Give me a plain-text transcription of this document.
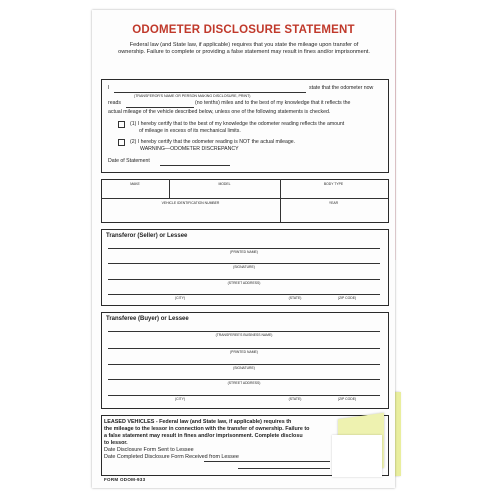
ODOMETER DISCLOSURE STATEMENT
Federal law (and State law, if applicable) requires that you state the mileage upon transfer of
ownership. Failure to complete or providing a false statement may result in fines and/or imprisonment.
I	state that the odometer now
(TRANSFEROR'S NAME OR PERSON MAKING DISCLOSURE, PRINT)
reads	(no tenths) miles and to the best of my knowledge that it reflects the
actual mileage of the vehicle described below, unless one of the following statements is checked.
(1) I hereby certify that to the best of my knowledge the odometer reading reflects the amount
of mileage in excess of its mechanical limits.
(2) I hereby certify that the odometer reading is NOT the actual mileage.
WARNING—ODOMETER DISCREPANCY
Date of Statement
MAKE	MODEL	BODY TYPE
VEHICLE IDENTIFICATION NUMBER	YEAR
Transferor (Seller) or Lessee
(PRINTED NAME)
(SIGNATURE)
(STREET ADDRESS)
(CITY)	(STATE)	(ZIP CODE)
Transferee (Buyer) or Lessee
(TRANSFEREE'S BUSINESS NAME)
(PRINTED NAME)
(SIGNATURE)
(STREET ADDRESS)
(CITY)	(STATE)	(ZIP CODE)
LEASED VEHICLES - Federal law (and State law, if applicable) requires th
the mileage to the lessor in connection with the transfer of ownership. Failure to
a false statement may result in fines and/or imprisonment. Complete disclosu
to lessor.
Date Disclosure Form Sent to Lessee
Date Completed Disclosure Form Received from Lessee
FORM ODOM-933
